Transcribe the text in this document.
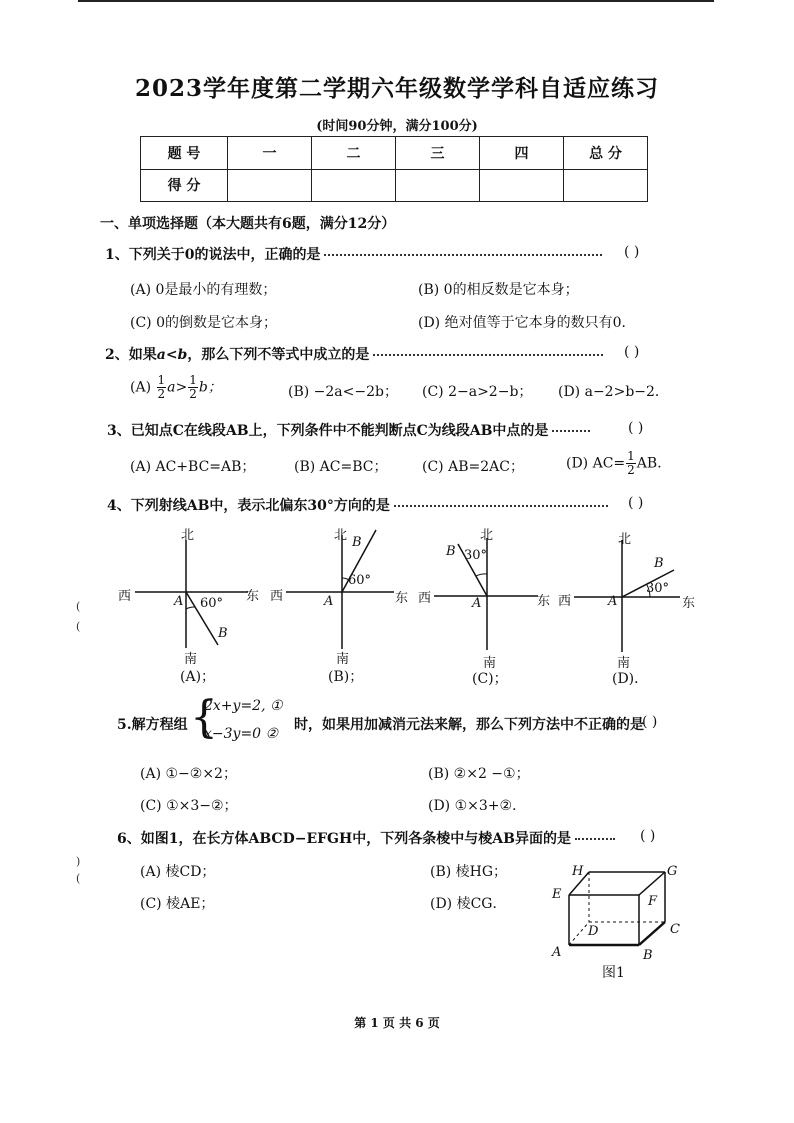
(
(
)
(
2023学年度第二学期六年级数学学科自适应练习
(时间90分钟，满分100分)
题 号	一	二	三	四	总 分
得 分					
一、单项选择题（本大题共有6题，满分12分）
1、下列关于0的说法中，正确的是	( )
(A) 0是最小的有理数；	(B) 0的相反数是它本身；
(C) 0的倒数是它本身；	(D) 绝对值等于它本身的数只有0．
2、如果a<b，那么下列不等式中成立的是	( )
$(A) \frac{1}{2} a> \frac{1}{2}$ b；	(B) −2a<−2b； (C) 2−a>2−b； (D) a−2>b−2．
3、已知点C在线段AB上，下列条件中不能判断点C为线段AB中点的是	( )
(A) AC+BC=AB；	(B) AC=BC； (C) AB=2AC；	(D) $AC= \frac{1}{2}$ AB．
4、下列射线AB中，表示北偏东30°方向的是	( )
北
西	东
南
A 60°
B
(A)；
北
西	东
南
A
B
60°
(B)；
北
西	东
南
A
B 30°
(C)；
北
西	东
南
A
B
30°
(D)．
5.解方程组 {
2x+y=2, ①
x−3y=0 ②
时，如果用加减消元法来解，那么下列方法中不正确的是
( )
(A) ①−②×2；	(B) ②×2 −①；
(C) ①×3−②；	(D) ①×3+②．
6、如图1，在长方体ABCD−EFGH中，下列各条棱中与棱AB异面的是	( )
(A) 棱CD；	(B) 棱HG；
(C) 棱AE；	(D) 棱CG．
H	G
E	F
D	C
A	B
图1
第 1 页 共 6 页
